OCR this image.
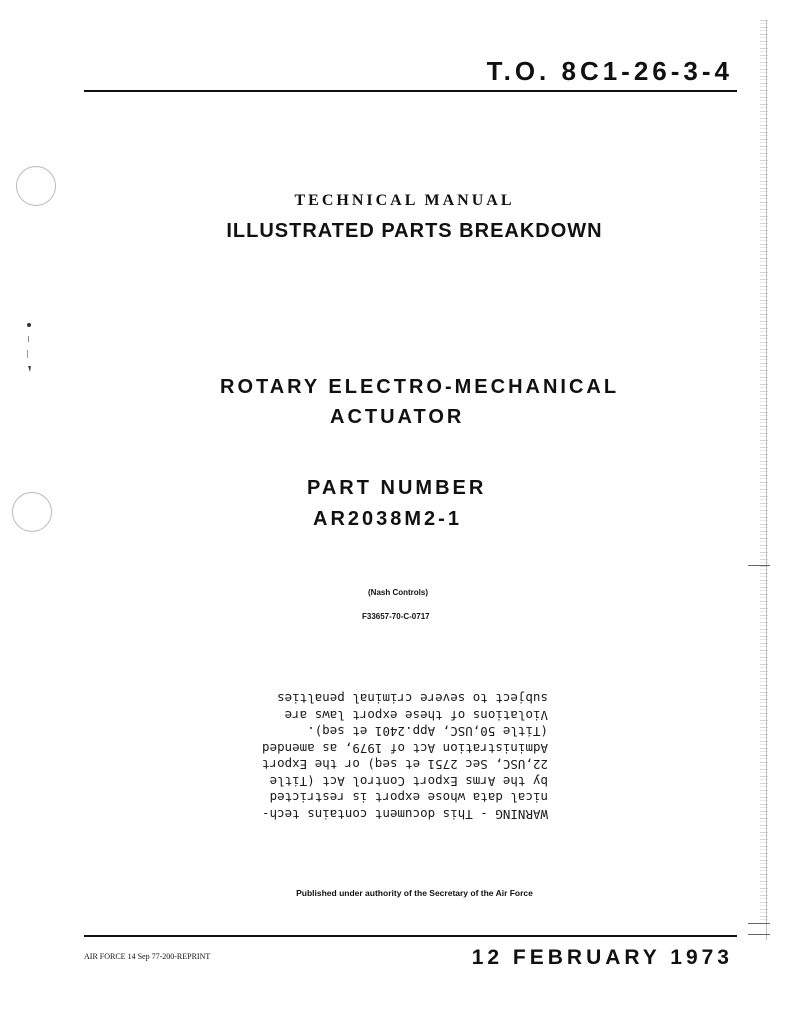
T.O. 8C1-26-3-4
TECHNICAL MANUAL
ILLUSTRATED PARTS BREAKDOWN
ROTARY ELECTRO-MECHANICAL
ACTUATOR
PART NUMBER
AR2038M2-1
(Nash Controls)
F33657-70-C-0717
WARNING - This document contains tech-
nical data whose export is restricted
by the Arms Export Control Act (Title
22,USC, Sec 2751 et seq) or the Export
Administration Act of 1979, as amended
(Title 50,USC, App.2401 et seq).
Violations of these export laws are
subject to severe criminal penalties
Published under authority of the Secretary of the Air Force
AIR FORCE 14 Sep 77-200-REPRINT	12 FEBRUARY 1973
